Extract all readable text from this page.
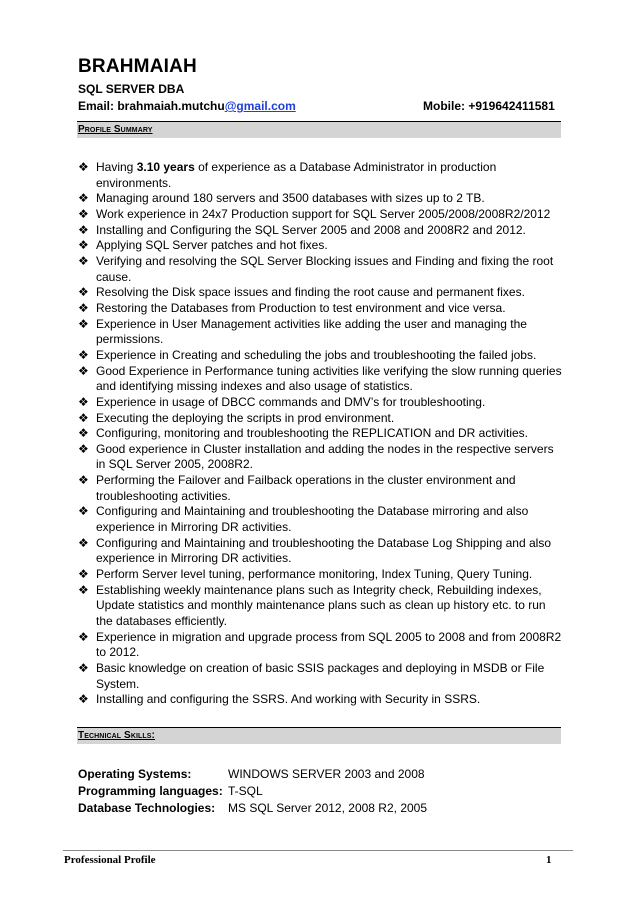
BRAHMAIAH
SQL SERVER DBA
Email: brahmaiah.mutchu@gmail.com	Mobile: +919642411581
Profile Summary
❖ Having 3.10 years of experience as a Database Administrator in production environments.
❖ Managing around 180 servers and 3500 databases with sizes up to 2 TB.
❖ Work experience in 24x7 Production support for SQL Server 2005/2008/2008R2/2012
❖ Installing and Configuring the SQL Server 2005 and 2008 and 2008R2 and 2012.
❖ Applying SQL Server patches and hot fixes.
❖ Verifying and resolving the SQL Server Blocking issues and Finding and fixing the root cause.
❖ Resolving the Disk space issues and finding the root cause and permanent fixes.
❖ Restoring the Databases from Production to test environment and vice versa.
❖ Experience in User Management activities like adding the user and managing the permissions.
❖ Experience in Creating and scheduling the jobs and troubleshooting the failed jobs.
❖ Good Experience in Performance tuning activities like verifying the slow running queries and identifying missing indexes and also usage of statistics.
❖ Experience in usage of DBCC commands and DMV’s for troubleshooting.
❖ Executing the deploying the scripts in prod environment.
❖ Configuring, monitoring and troubleshooting the REPLICATION and DR activities.
❖ Good experience in Cluster installation and adding the nodes in the respective servers in SQL Server 2005, 2008R2.
❖ Performing the Failover and Failback operations in the cluster environment and troubleshooting activities.
❖ Configuring and Maintaining and troubleshooting the Database mirroring and also experience in Mirroring DR activities.
❖ Configuring and Maintaining and troubleshooting the Database Log Shipping and also experience in Mirroring DR activities.
❖ Perform Server level tuning, performance monitoring, Index Tuning, Query Tuning.
❖ Establishing weekly maintenance plans such as Integrity check, Rebuilding indexes, Update statistics and monthly maintenance plans such as clean up history etc. to run the databases efficiently.
❖ Experience in migration and upgrade process from SQL 2005 to 2008 and from 2008R2 to 2012.
❖ Basic knowledge on creation of basic SSIS packages and deploying in MSDB or File System.
❖ Installing and configuring the SSRS. And working with Security in SSRS.
Technical Skills:
Operating Systems:	WINDOWS SERVER 2003 and 2008
Programming languages: T-SQL
Database Technologies: MS SQL Server 2012, 2008 R2, 2005
Professional Profile	1
